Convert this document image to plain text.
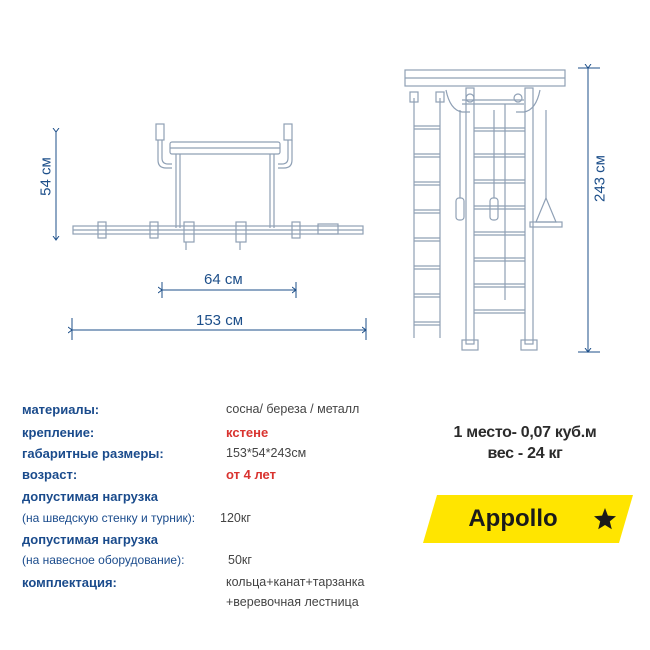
54 см
64 см
153 см
243 см
материалы:	сосна/ береза / металл
крепление:	кстене
габаритные размеры:	153*54*243см
возраст:	от 4 лет
допустимая нагрузка
(на шведскую стенку и турник): 120кг
допустимая нагрузка
(на навесное оборудование):	50кг
комплектация:	кольца+канат+тарзанка
+веревочная лестница
1 место- 0,07 куб.м
вес - 24 кг
Appollo
